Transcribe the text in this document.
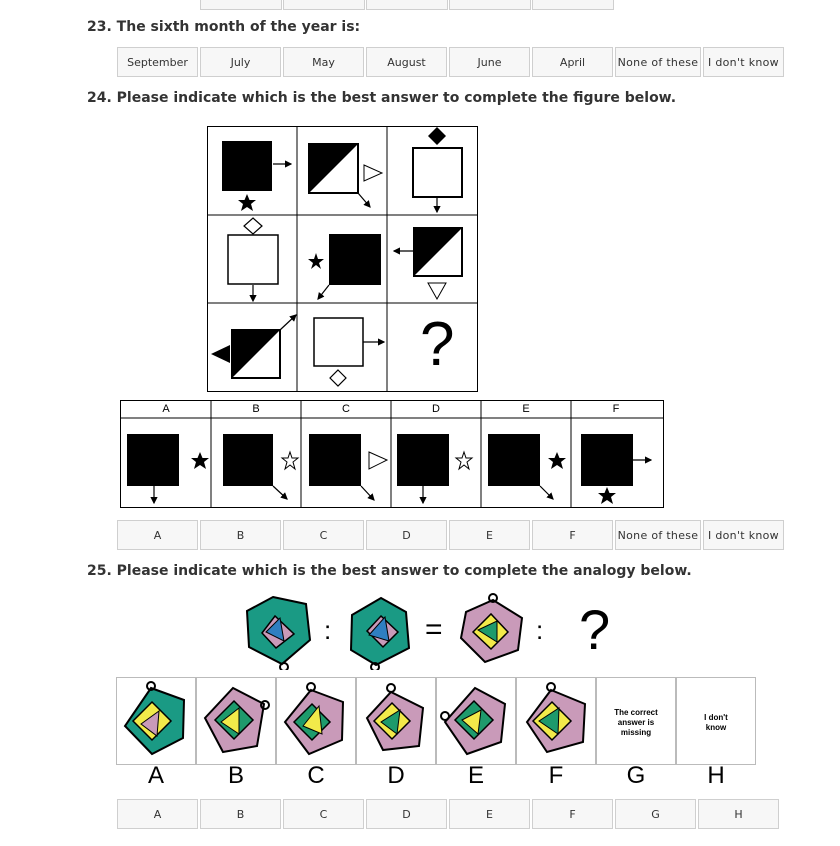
23. The sixth month of the year is:
September	July	May	August	June	April	None of these I don't know
24. Please indicate which is the best answer to complete the figure below.
?
A	B	C	D	E	F
A	B	C	D	E	F	None of these I don't know
25. Please indicate which is the best answer to complete the analogy below.
:	=	: ?
The correct
answer is
missing
I don't
know
A	B	C	D	E	F	G	H
A	B	C	D	E	F	G	H
